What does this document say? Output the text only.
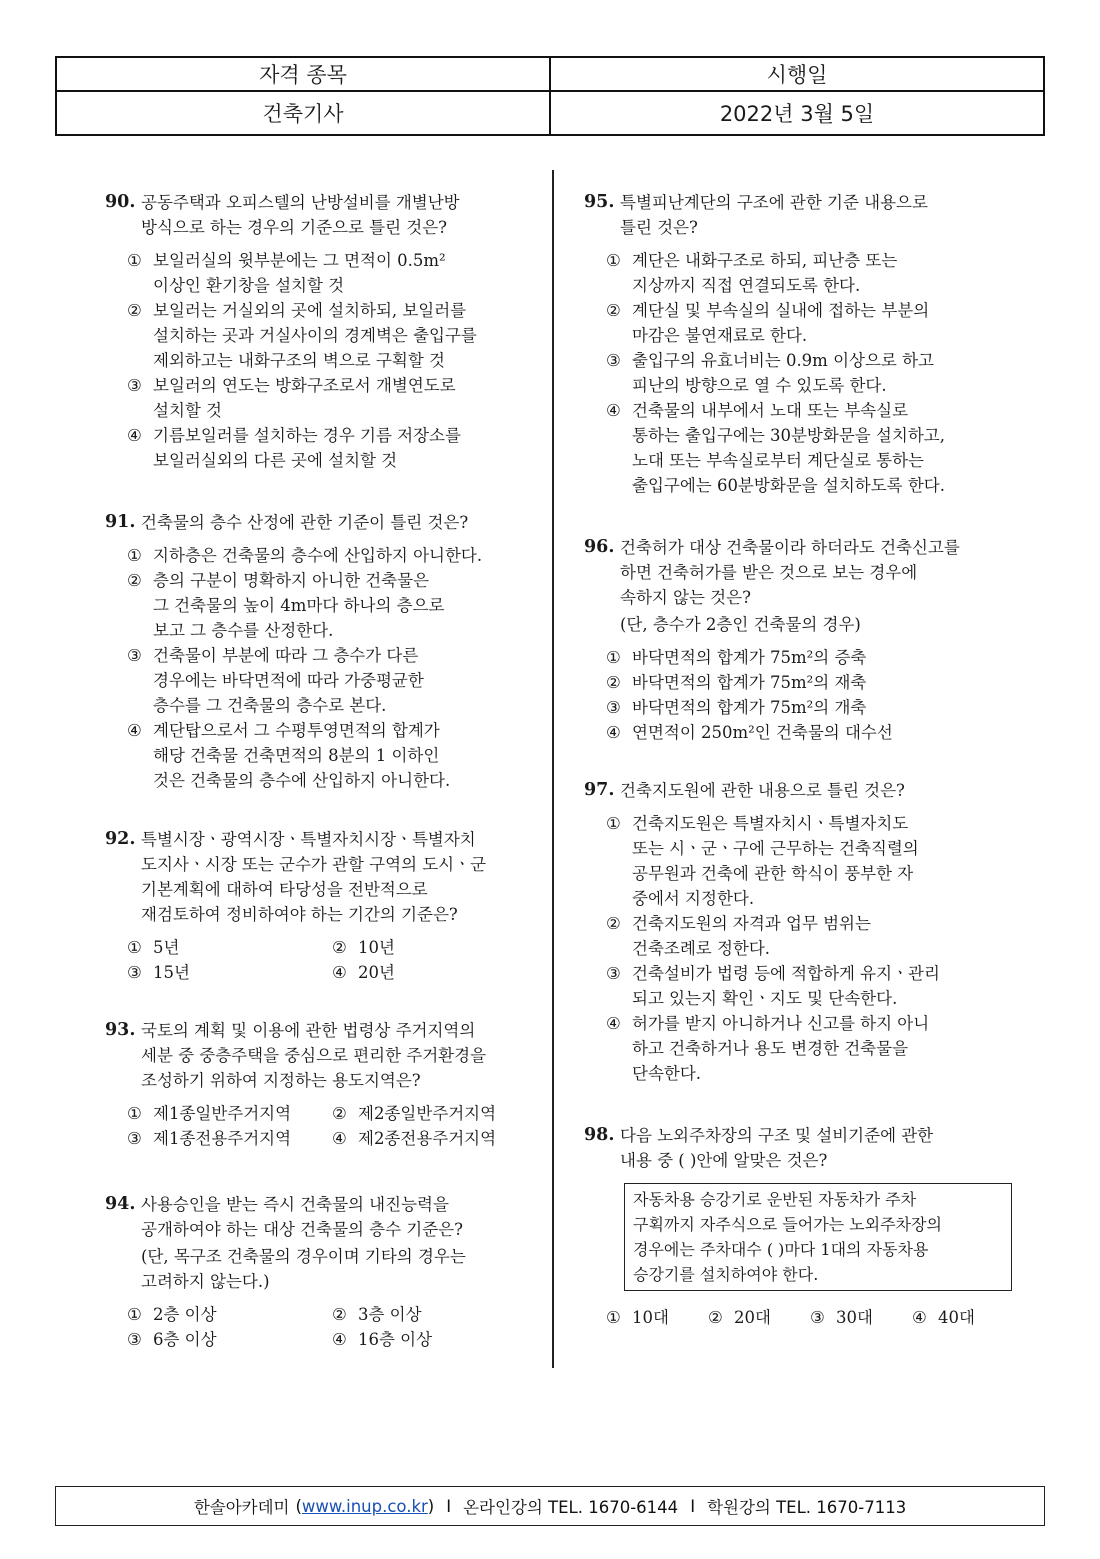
자격 종목	시행일
건축기사	2022년 3월 5일
90. 공동주택과 오피스텔의 난방설비를 개별난방
방식으로 하는 경우의 기준으로 틀린 것은?
① 보일러실의 윗부분에는 그 면적이 0.5m²
이상인 환기창을 설치할 것
② 보일러는 거실외의 곳에 설치하되, 보일러를
설치하는 곳과 거실사이의 경계벽은 출입구를
제외하고는 내화구조의 벽으로 구획할 것
③ 보일러의 연도는 방화구조로서 개별연도로
설치할 것
④ 기름보일러를 설치하는 경우 기름 저장소를
보일러실외의 다른 곳에 설치할 것
91. 건축물의 층수 산정에 관한 기준이 틀린 것은?
① 지하층은 건축물의 층수에 산입하지 아니한다.
② 층의 구분이 명확하지 아니한 건축물은
그 건축물의 높이 4m마다 하나의 층으로
보고 그 층수를 산정한다.
③ 건축물이 부분에 따라 그 층수가 다른
경우에는 바닥면적에 따라 가중평균한
층수를 그 건축물의 층수로 본다.
④ 계단탑으로서 그 수평투영면적의 합계가
해당 건축물 건축면적의 8분의 1 이하인
것은 건축물의 층수에 산입하지 아니한다.
92. 특별시장ㆍ광역시장ㆍ특별자치시장ㆍ특별자치
도지사ㆍ시장 또는 군수가 관할 구역의 도시ㆍ군
기본계획에 대하여 타당성을 전반적으로
재검토하여 정비하여야 하는 기간의 기준은?
① 5년	② 10년
③ 15년	④ 20년
93. 국토의 계획 및 이용에 관한 법령상 주거지역의
세분 중 중층주택을 중심으로 편리한 주거환경을
조성하기 위하여 지정하는 용도지역은?
① 제1종일반주거지역	② 제2종일반주거지역
③ 제1종전용주거지역	④ 제2종전용주거지역
94. 사용승인을 받는 즉시 건축물의 내진능력을
공개하여야 하는 대상 건축물의 층수 기준은?
(단, 목구조 건축물의 경우이며 기타의 경우는
고려하지 않는다.)
① 2층 이상	② 3층 이상
③ 6층 이상	④ 16층 이상
95. 특별피난계단의 구조에 관한 기준 내용으로
틀린 것은?
① 계단은 내화구조로 하되, 피난층 또는
지상까지 직접 연결되도록 한다.
② 계단실 및 부속실의 실내에 접하는 부분의
마감은 불연재료로 한다.
③ 출입구의 유효너비는 0.9m 이상으로 하고
피난의 방향으로 열 수 있도록 한다.
④ 건축물의 내부에서 노대 또는 부속실로
통하는 출입구에는 30분방화문을 설치하고,
노대 또는 부속실로부터 계단실로 통하는
출입구에는 60분방화문을 설치하도록 한다.
96. 건축허가 대상 건축물이라 하더라도 건축신고를
하면 건축허가를 받은 것으로 보는 경우에
속하지 않는 것은?
(단, 층수가 2층인 건축물의 경우)
① 바닥면적의 합계가 75m²의 증축
② 바닥면적의 합계가 75m²의 재축
③ 바닥면적의 합계가 75m²의 개축
④ 연면적이 250m²인 건축물의 대수선
97. 건축지도원에 관한 내용으로 틀린 것은?
① 건축지도원은 특별자치시ㆍ특별자치도
또는 시ㆍ군ㆍ구에 근무하는 건축직렬의
공무원과 건축에 관한 학식이 풍부한 자
중에서 지정한다.
② 건축지도원의 자격과 업무 범위는
건축조례로 정한다.
③ 건축설비가 법령 등에 적합하게 유지ㆍ관리
되고 있는지 확인ㆍ지도 및 단속한다.
④ 허가를 받지 아니하거나 신고를 하지 아니
하고 건축하거나 용도 변경한 건축물을
단속한다.
98. 다음 노외주차장의 구조 및 설비기준에 관한
내용 중 ( )안에 알맞은 것은?
자동차용 승강기로 운반된 자동차가 주차
구획까지 자주식으로 들어가는 노외주차장의
경우에는 주차대수 ( )마다 1대의 자동차용
승강기를 설치하여야 한다.
① 10대	② 20대	③ 30대	④ 40대
한솔아카데미 (www.inup.co.kr) I 온라인강의 TEL. 1670-6144 I 학원강의 TEL. 1670-7113
